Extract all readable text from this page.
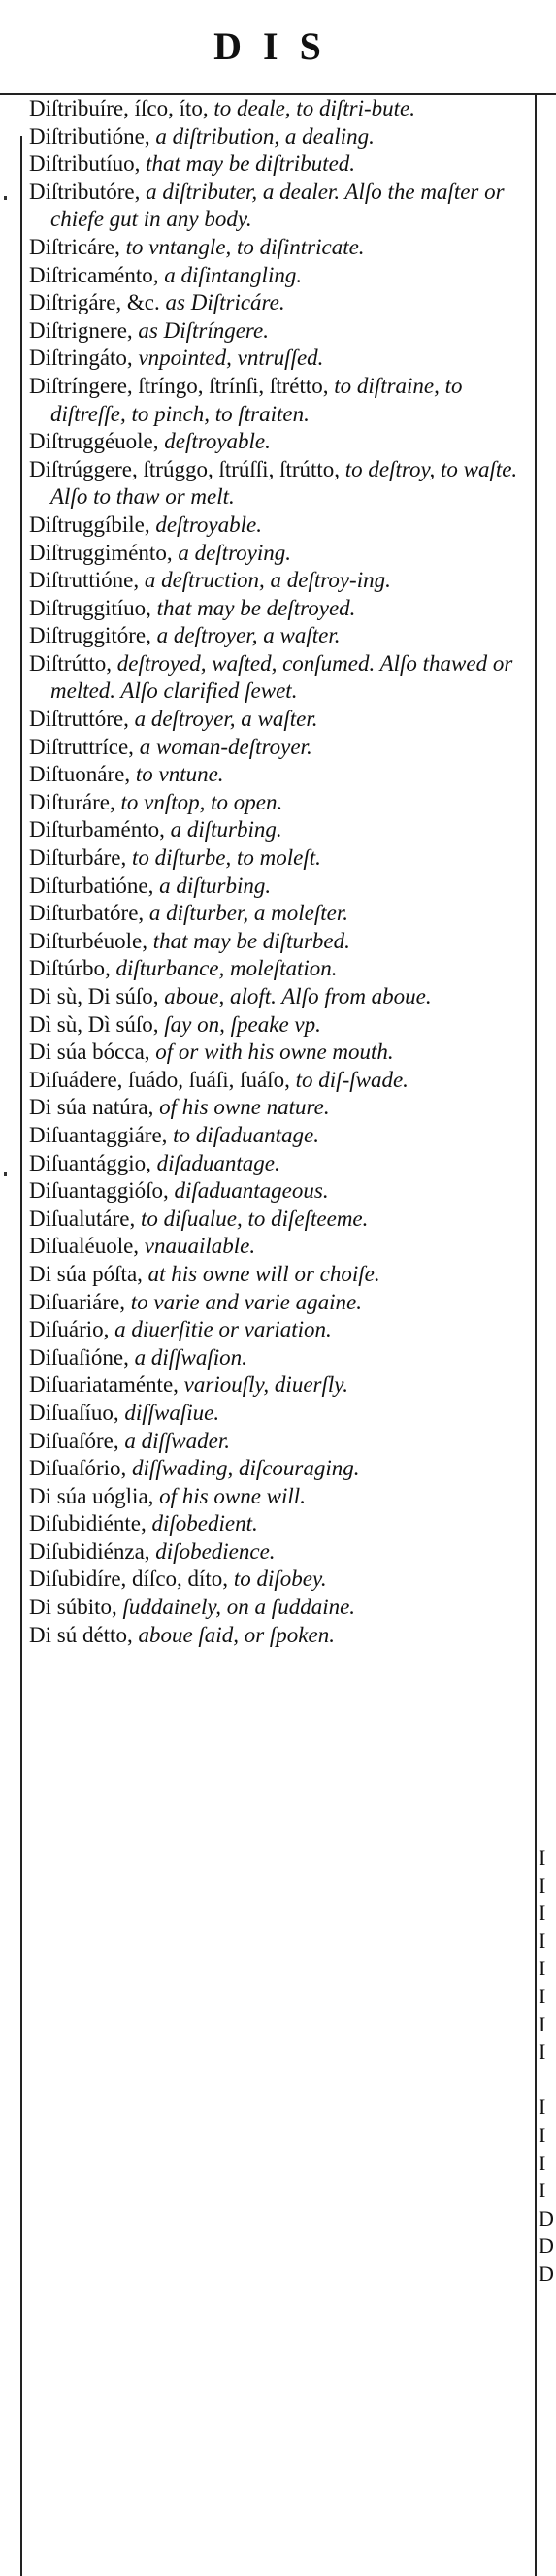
DIS

Diſtribuíre, íſco, íto, to deale, to diſtri-bute.

Diſtributióne, a diſtribution, a dealing.

Diſtributíuo, that may be diſtributed.

Diſtributóre, a diſtributer, a dealer. Alſo the maſter or chiefe gut in any body.

Diſtricáre, to vntangle, to diſintricate.

Diſtricaménto, a diſintangling.

Diſtrigáre, &c. as Diſtricáre.

Diſtrignere, as Diſtríngere.

Diſtringáto, vnpointed, vntruſſed.

Diſtríngere, ſtríngo, ſtrínſi, ſtrétto, to diſtraine, to diſtreſſe, to pinch, to ſtraiten.

Diſtruggéuole, deſtroyable.

Diſtrúggere, ſtrúggo, ſtrúſſi, ſtrútto, to deſtroy, to waſte. Alſo to thaw or melt.

Diſtruggíbile, deſtroyable.

Diſtruggiménto, a deſtroying.

Diſtruttióne, a deſtruction, a deſtroy-ing.

Diſtruggitíuo, that may be deſtroyed.

Diſtruggitóre, a deſtroyer, a waſter.

Diſtrútto, deſtroyed, waſted, conſumed. Alſo thawed or melted. Alſo clarified ſewet.

Diſtruttóre, a deſtroyer, a waſter.

Diſtruttríce, a woman-deſtroyer.

Diſtuonáre, to vntune.

Diſturáre, to vnſtop, to open.

Diſturbaménto, a diſturbing.

Diſturbáre, to diſturbe, to moleſt.

Diſturbatióne, a diſturbing.

Diſturbatóre, a diſturber, a moleſter.

Diſturbéuole, that may be diſturbed.

Diſtúrbo, diſturbance, moleſtation.

Di sù, Di súſo, aboue, aloft. Alſo from aboue.

Dì sù, Dì súſo, ſay on, ſpeake vp.

Di súa bócca, of or with his owne mouth.

Diſuádere, ſuádo, ſuáſi, ſuáſo, to diſ-ſwade.

Di súa natúra, of his owne nature.

Diſuantaggiáre, to diſaduantage.

Diſuantággio, diſaduantage.

Diſuantaggióſo, diſaduantageous.

Diſualutáre, to diſualue, to diſeſteeme.

Diſualéuole, vnauailable.

Di súa póſta, at his owne will or choiſe.

Diſuariáre, to varie and varie againe.

Diſuário, a diuerſitie or variation.

Diſuaſióne, a diſſwaſion.

Diſuariataménte, variouſly, diuerſly.

Diſuaſíuo, diſſwaſiue.

Diſuaſóre, a diſſwader.

Diſuaſório, diſſwading, diſcouraging.

Di súa uóglia, of his owne will.

Diſubidiénte, diſobedient.

Diſubidiénza, diſobedience.

Diſubidíre, díſco, díto, to diſobey.

Di súbito, ſuddainely, on a ſuddaine.

Di sú détto, aboue ſaid, or ſpoken.

I
I
I
I
I
I
I
I

I
I
I
I
D
D
D
